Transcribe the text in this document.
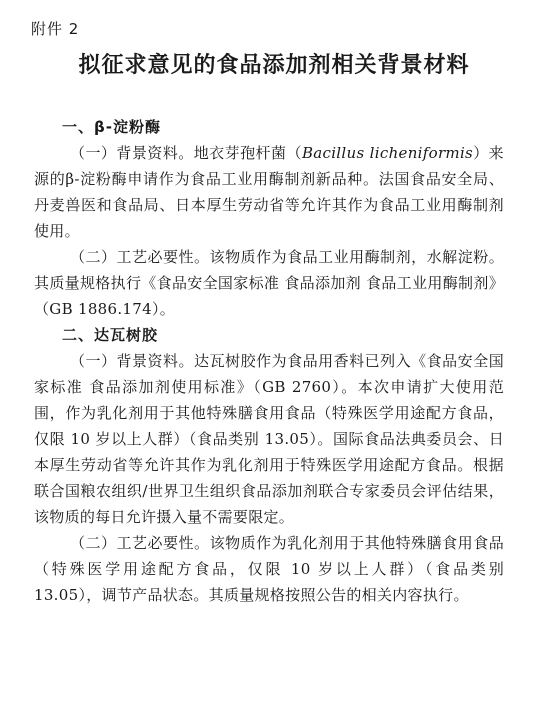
附件 2
拟征求意见的食品添加剂相关背景材料
一、β-淀粉酶

（一）背景资料。地衣芽孢杆菌（Bacillus licheniformis）来源的β-淀粉酶申请作为食品工业用酶制剂新品种。法国食品安全局、丹麦兽医和食品局、日本厚生劳动省等允许其作为食品工业用酶制剂使用。

（二）工艺必要性。该物质作为食品工业用酶制剂，水解淀粉。其质量规格执行《食品安全国家标准 食品添加剂 食品工业用酶制剂》（GB 1886.174）。

二、达瓦树胶

（一）背景资料。达瓦树胶作为食品用香料已列入《食品安全国家标准 食品添加剂使用标准》（GB 2760）。本次申请扩大使用范围，作为乳化剂用于其他特殊膳食用食品（特殊医学用途配方食品，仅限 10 岁以上人群）（食品类别 13.05）。国际食品法典委员会、日本厚生劳动省等允许其作为乳化剂用于特殊医学用途配方食品。根据联合国粮农组织/世界卫生组织食品添加剂联合专家委员会评估结果，该物质的每日允许摄入量不需要限定。

（二）工艺必要性。该物质作为乳化剂用于其他特殊膳食用食品（特殊医学用途配方食品，仅限 10 岁以上人群）（食品类别 13.05），调节产品状态。其质量规格按照公告的相关内容执行。
